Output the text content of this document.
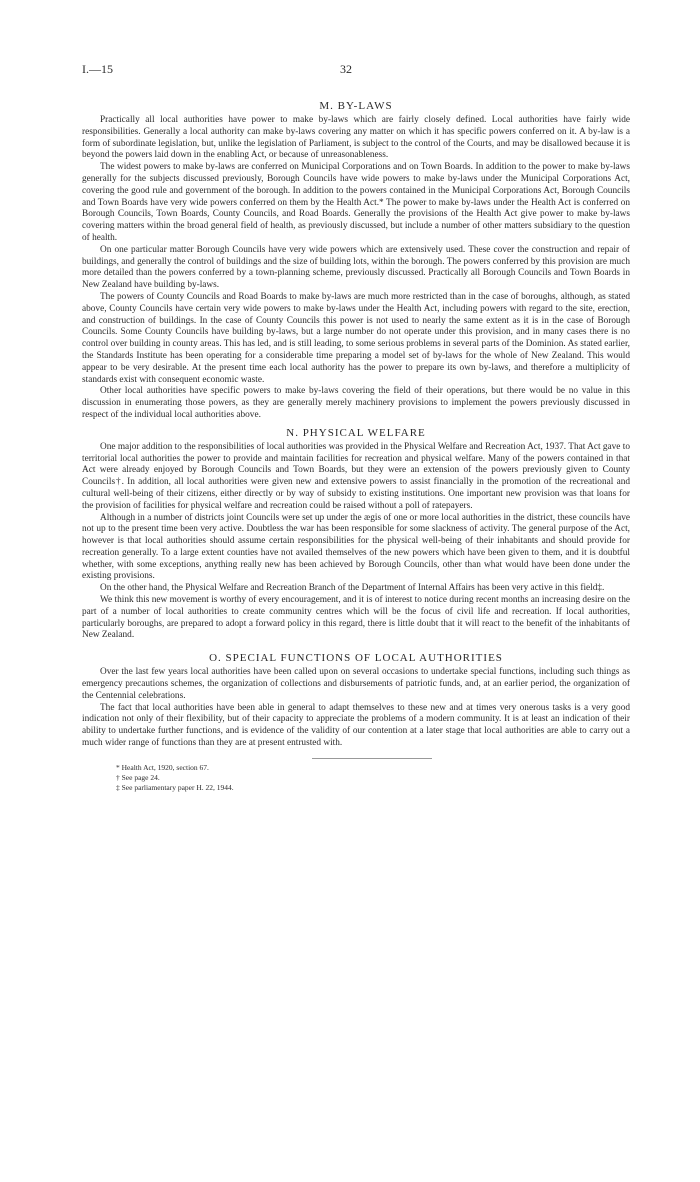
I.—15	32
M. BY-LAWS

Practically all local authorities have power to make by-laws which are fairly closely defined. Local authorities have fairly wide responsibilities. Generally a local authority can make by-laws covering any matter on which it has specific powers conferred on it. A by-law is a form of subordinate legislation, but, unlike the legislation of Parliament, is subject to the control of the Courts, and may be disallowed because it is beyond the powers laid down in the enabling Act, or because of unreasonableness.

The widest powers to make by-laws are conferred on Municipal Corporations and on Town Boards. In addition to the power to make by-laws generally for the subjects discussed previously, Borough Councils have wide powers to make by-laws under the Municipal Corporations Act, covering the good rule and government of the borough. In addition to the powers contained in the Municipal Corporations Act, Borough Councils and Town Boards have very wide powers conferred on them by the Health Act.* The power to make by-laws under the Health Act is conferred on Borough Councils, Town Boards, County Councils, and Road Boards. Generally the provisions of the Health Act give power to make by-laws covering matters within the broad general field of health, as previously discussed, but include a number of other matters subsidiary to the question of health.

On one particular matter Borough Councils have very wide powers which are extensively used. These cover the construction and repair of buildings, and generally the control of buildings and the size of building lots, within the borough. The powers conferred by this provision are much more detailed than the powers conferred by a town-planning scheme, previously discussed. Practically all Borough Councils and Town Boards in New Zealand have building by-laws.

The powers of County Councils and Road Boards to make by-laws are much more restricted than in the case of boroughs, although, as stated above, County Councils have certain very wide powers to make by-laws under the Health Act, including powers with regard to the site, erection, and construction of buildings. In the case of County Councils this power is not used to nearly the same extent as it is in the case of Borough Councils. Some County Councils have building by-laws, but a large number do not operate under this provision, and in many cases there is no control over building in county areas. This has led, and is still leading, to some serious problems in several parts of the Dominion. As stated earlier, the Standards Institute has been operating for a considerable time preparing a model set of by-laws for the whole of New Zealand. This would appear to be very desirable. At the present time each local authority has the power to prepare its own by-laws, and therefore a multiplicity of standards exist with consequent economic waste.

Other local authorities have specific powers to make by-laws covering the field of their operations, but there would be no value in this discussion in enumerating those powers, as they are generally merely machinery provisions to implement the powers previously discussed in respect of the individual local authorities above.

N. PHYSICAL WELFARE

One major addition to the responsibilities of local authorities was provided in the Physical Welfare and Recreation Act, 1937. That Act gave to territorial local authorities the power to provide and maintain facilities for recreation and physical welfare. Many of the powers contained in that Act were already enjoyed by Borough Councils and Town Boards, but they were an extension of the powers previously given to County Councils†. In addition, all local authorities were given new and extensive powers to assist financially in the promotion of the recreational and cultural well-being of their citizens, either directly or by way of subsidy to existing institutions. One important new provision was that loans for the provision of facilities for physical welfare and recreation could be raised without a poll of ratepayers.

Although in a number of districts joint Councils were set up under the ægis of one or more local authorities in the district, these councils have not up to the present time been very active. Doubtless the war has been responsible for some slackness of activity. The general purpose of the Act, however is that local authorities should assume certain responsibilities for the physical well-being of their inhabitants and should provide for recreation generally. To a large extent counties have not availed themselves of the new powers which have been given to them, and it is doubtful whether, with some exceptions, anything really new has been achieved by Borough Councils, other than what would have been done under the existing provisions.

On the other hand, the Physical Welfare and Recreation Branch of the Department of Internal Affairs has been very active in this field‡.

We think this new movement is worthy of every encouragement, and it is of interest to notice during recent months an increasing desire on the part of a number of local authorities to create community centres which will be the focus of civil life and recreation. If local authorities, particularly boroughs, are prepared to adopt a forward policy in this regard, there is little doubt that it will react to the benefit of the inhabitants of New Zealand.

O. SPECIAL FUNCTIONS OF LOCAL AUTHORITIES

Over the last few years local authorities have been called upon on several occasions to undertake special functions, including such things as emergency precautions schemes, the organization of collections and disbursements of patriotic funds, and, at an earlier period, the organization of the Centennial celebrations.

The fact that local authorities have been able in general to adapt themselves to these new and at times very onerous tasks is a very good indication not only of their flexibility, but of their capacity to appreciate the problems of a modern community. It is at least an indication of their ability to undertake further functions, and is evidence of the validity of our contention at a later stage that local authorities are able to carry out a much wider range of functions than they are at present entrusted with.

* Health Act, 1920, section 67.

† See page 24.

‡ See parliamentary paper H. 22, 1944.
